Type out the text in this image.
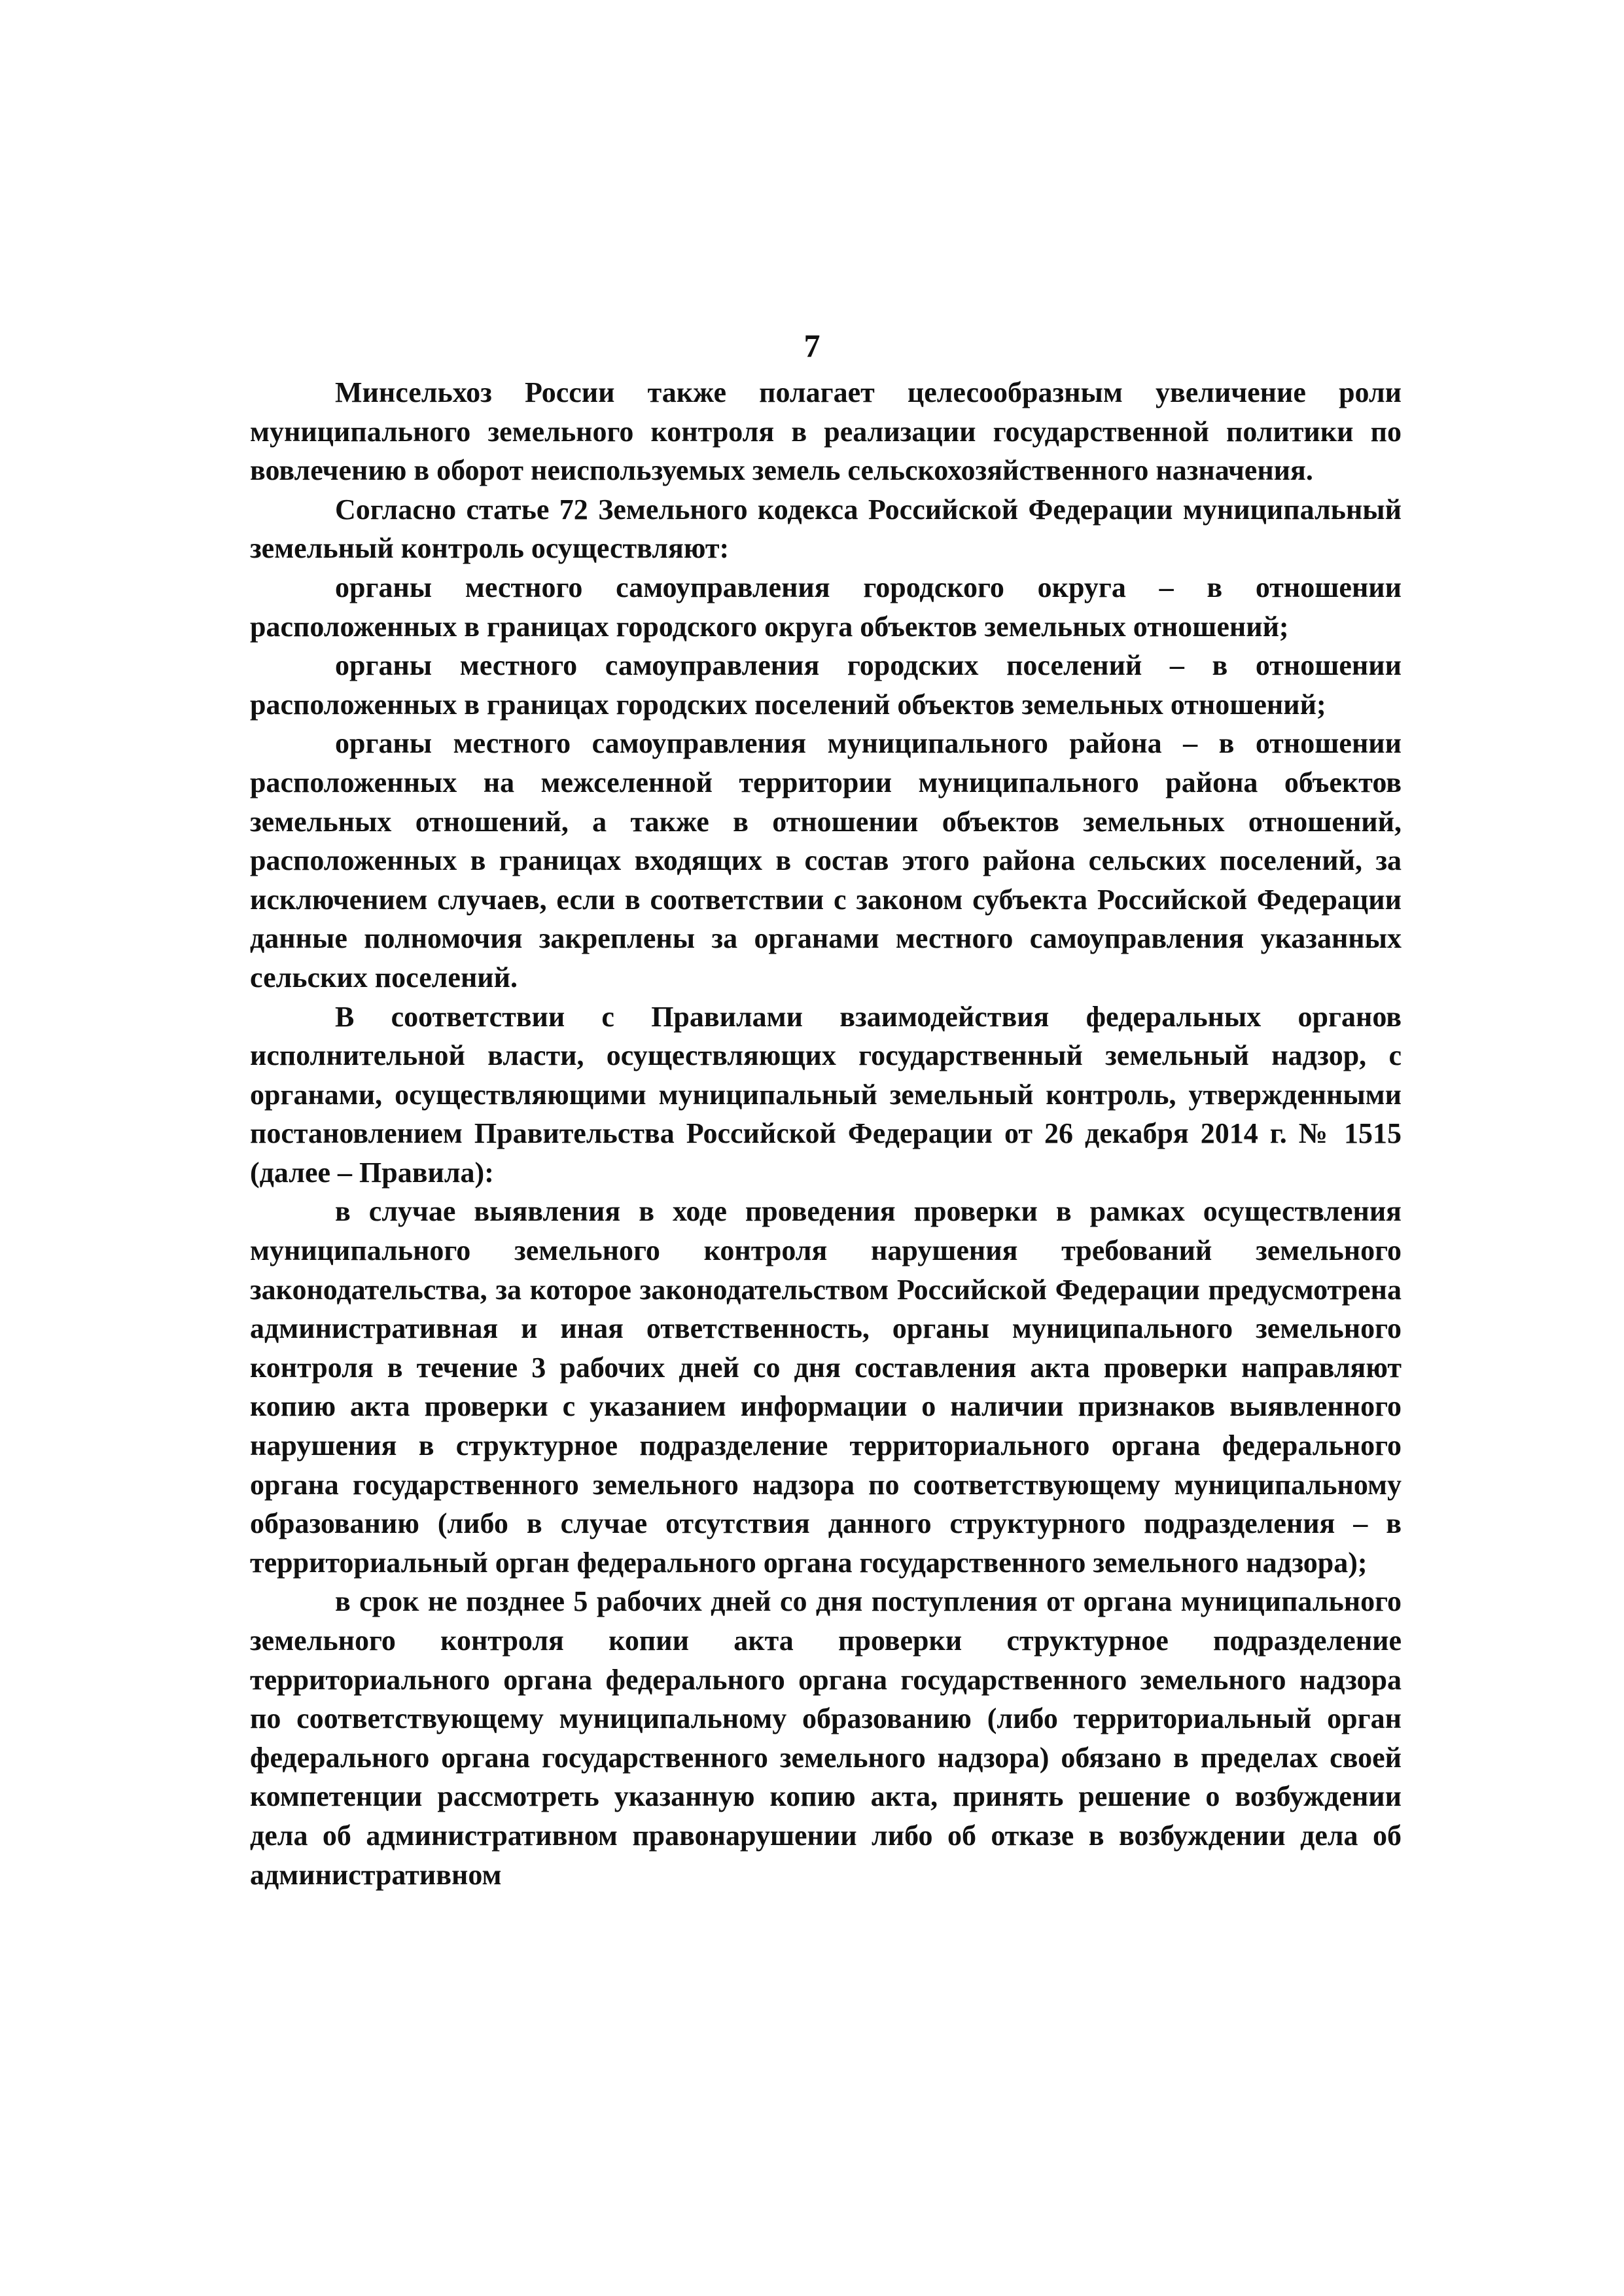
7

Минсельхоз России также полагает целесообразным увеличение роли муниципального земельного контроля в реализации государственной политики по вовлечению в оборот неиспользуемых земель сельскохозяйственного назначения.

Согласно статье 72 Земельного кодекса Российской Федерации муниципальный земельный контроль осуществляют:

органы местного самоуправления городского округа – в отношении расположенных в границах городского округа объектов земельных отношений;

органы местного самоуправления городских поселений – в отношении расположенных в границах городских поселений объектов земельных отношений;

органы местного самоуправления муниципального района – в отношении расположенных на межселенной территории муниципального района объектов земельных отношений, а также в отношении объектов земельных отношений, расположенных в границах входящих в состав этого района сельских поселений, за исключением случаев, если в соответствии с законом субъекта Российской Федерации данные полномочия закреплены за органами местного самоуправления указанных сельских поселений.

В соответствии с Правилами взаимодействия федеральных органов исполнительной власти, осуществляющих государственный земельный надзор, с органами, осуществляющими муниципальный земельный контроль, утвержденными постановлением Правительства Российской Федерации от 26 декабря 2014 г. № 1515 (далее – Правила):

в случае выявления в ходе проведения проверки в рамках осуществления муниципального земельного контроля нарушения требований земельного законодательства, за которое законодательством Российской Федерации предусмотрена административная и иная ответственность, органы муниципального земельного контроля в течение 3 рабочих дней со дня составления акта проверки направляют копию акта проверки с указанием информации о наличии признаков выявленного нарушения в структурное подразделение территориального органа федерального органа государственного земельного надзора по соответствующему муниципальному образованию (либо в случае отсутствия данного структурного подразделения – в территориальный орган федерального органа государственного земельного надзора);

в срок не позднее 5 рабочих дней со дня поступления от органа муниципального земельного контроля копии акта проверки структурное подразделение территориального органа федерального органа государственного земельного надзора по соответствующему муниципальному образованию (либо территориальный орган федерального органа государственного земельного надзора) обязано в пределах своей компетенции рассмотреть указанную копию акта, принять решение о возбуждении дела об административном правонарушении либо об отказе в возбуждении дела об административном
